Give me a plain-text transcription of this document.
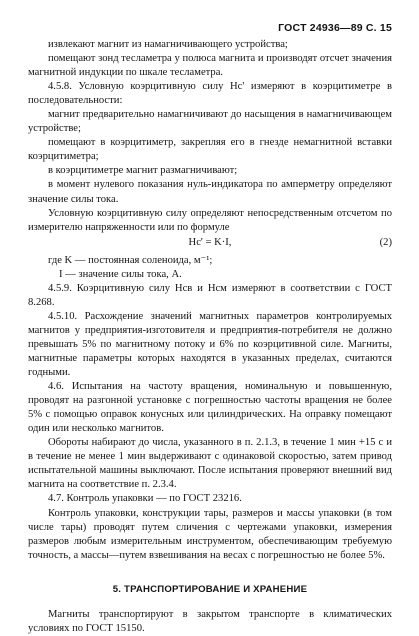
ГОСТ 24936—89 С. 15

извлекают магнит из намагничивающего устройства;

помещают зонд тесламетра у полюса магнита и производят отсчет значения магнитной индукции по шкале тесламетра.

4.5.8. Условную коэрцитивную силу Нс' измеряют в коэрцитиметре в последовательности:

магнит предварительно намагничивают до насыщения в намагничивающем устройстве;

помещают в коэрцитиметр, закрепляя его в гнезде немагнитной вставки коэрцитиметра;

в коэрцитиметре магнит размагничивают;

в момент нулевого показания нуль-индикатора по амперметру определяют значение силы тока.

Условную коэрцитивную силу определяют непосредственным отсчетом по измерителю напряженности или по формуле

Hc' = K·I,	(2)
где K — постоянная соленоида, м⁻¹;
I — значение силы тока, А.

4.5.9. Коэрцитивную силу Нсв и Нсм измеряют в соответствии с ГОСТ 8.268.

4.5.10. Расхождение значений магнитных параметров контролируемых магнитов у предприятия-изготовителя и предприятия-потребителя не должно превышать 5% по магнитному потоку и 6% по коэрцитивной силе. Магниты, магнитные параметры которых находятся в указанных пределах, считаются годными.

4.6. Испытания на частоту вращения, номинальную и повышенную, проводят на разгонной установке с погрешностью частоты вращения не более 5% с помощью оправок конусных или цилиндрических. На оправку помещают один или несколько магнитов.

Обороты набирают до числа, указанного в п. 2.1.3, в течение 1 мин +15 с и в течение не менее 1 мин выдерживают с одинаковой скоростью, затем привод испытательной машины выключают. После испытания проверяют внешний вид магнита на соответствие п. 2.3.4.

4.7. Контроль упаковки — по ГОСТ 23216.

Контроль упаковки, конструкции тары, размеров и массы упаковки (в том числе тары) проводят путем сличения с чертежами упаковки, измерения размеров любым измерительным инструментом, обеспечивающим требуемую точность, а массы—путем взвешивания на весах с погрешностью не более 5%.

5. ТРАНСПОРТИРОВАНИЕ И ХРАНЕНИЕ

Магниты транспортируют в закрытом транспорте в климатических условиях по ГОСТ 15150.
